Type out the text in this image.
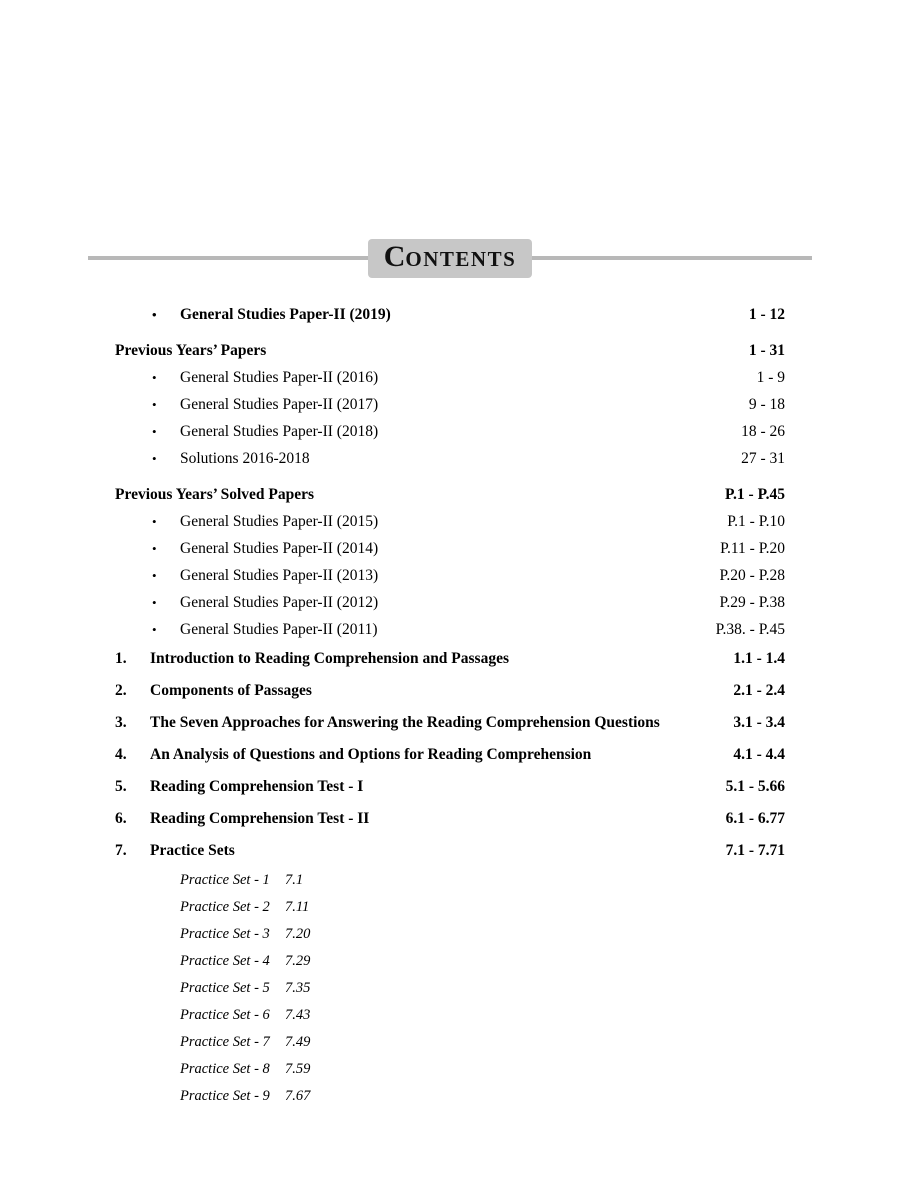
C ONTENTS
•	General Studies Paper-II (2019)	1 - 12
Previous Years’ Papers	1 - 31
•	General Studies Paper-II (2016)	1 - 9
•	General Studies Paper-II (2017)	9 - 18
•	General Studies Paper-II (2018)	18 - 26
•	Solutions 2016-2018	27 - 31
Previous Years’ Solved Papers	P.1 - P.45
•	General Studies Paper-II (2015)	P.1 - P.10
•	General Studies Paper-II (2014)	P.11 - P.20
•	General Studies Paper-II (2013)	P.20 - P.28
•	General Studies Paper-II (2012)	P.29 - P.38
•	General Studies Paper-II (2011)	P.38. - P.45
1.	Introduction to Reading Comprehension and Passages	1.1 - 1.4
2.	Components of Passages	2.1 - 2.4
3.	The Seven Approaches for Answering the Reading Comprehension Questions	3.1 - 3.4
4.	An Analysis of Questions and Options for Reading Comprehension	4.1 - 4.4
5.	Reading Comprehension Test - I	5.1 - 5.66
6.	Reading Comprehension Test - II	6.1 - 6.77
7.	Practice Sets	7.1 - 7.71
Practice Set - 1	7.1
Practice Set - 2	7.11
Practice Set - 3	7.20
Practice Set - 4	7.29
Practice Set - 5	7.35
Practice Set - 6	7.43
Practice Set - 7	7.49
Practice Set - 8	7.59
Practice Set - 9	7.67
